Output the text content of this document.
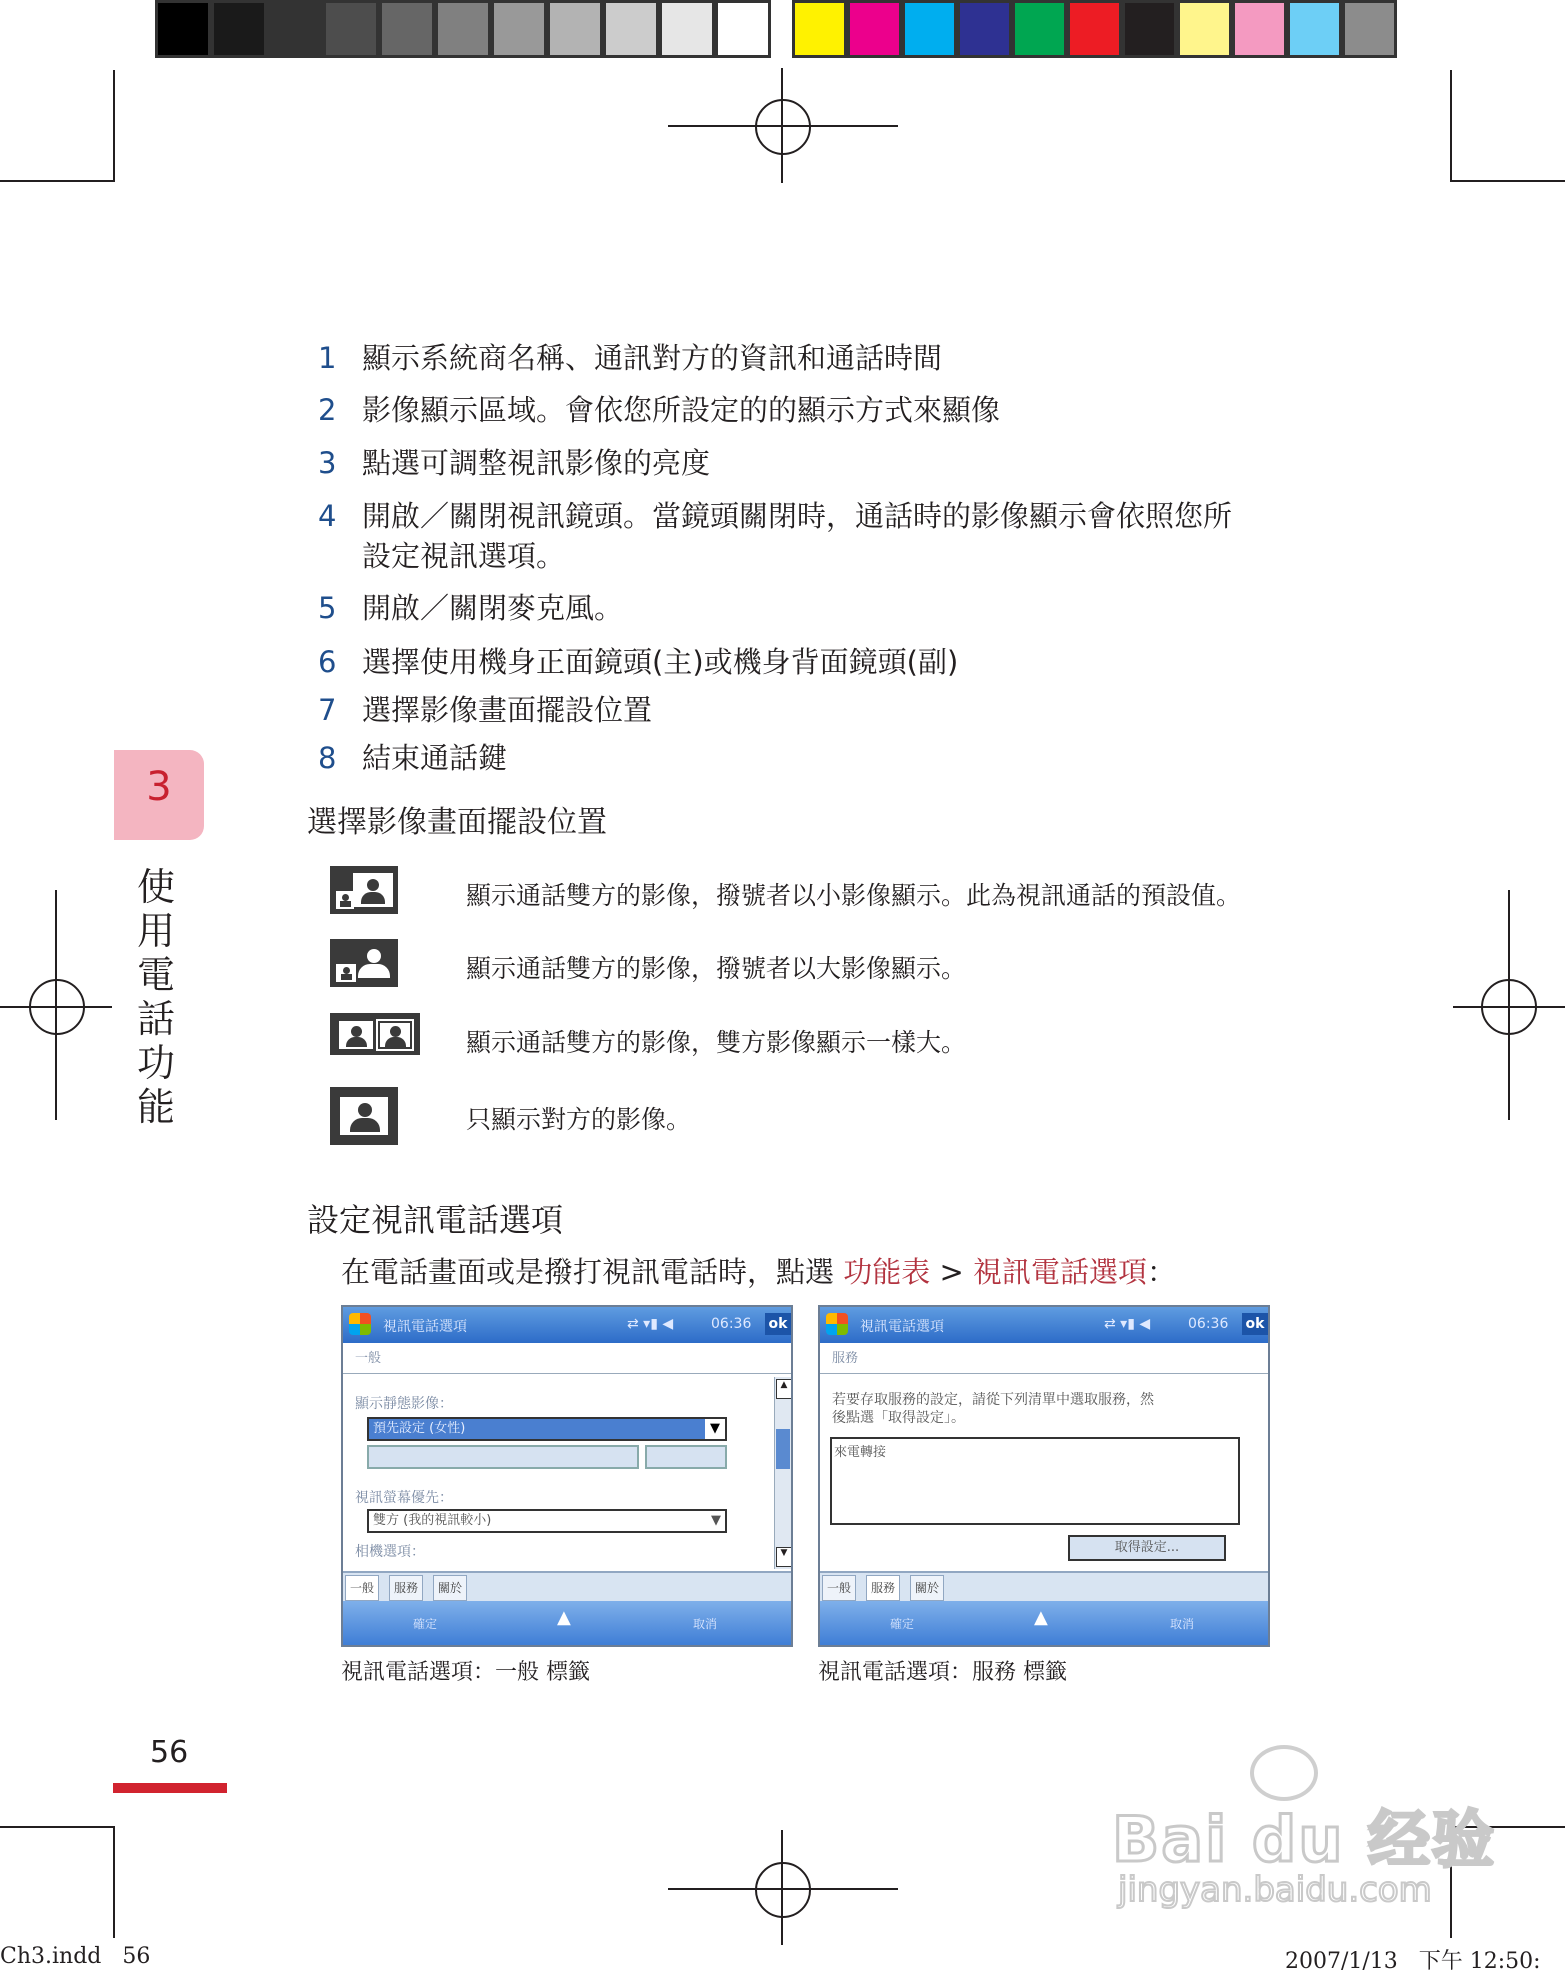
1 顯示系統商名稱、通訊對方的資訊和通話時間
2 影像顯示區域。會依您所設定的的顯示方式來顯像
3 點選可調整視訊影像的亮度
4 開啟／關閉視訊鏡頭。當鏡頭關閉時，通話時的影像顯示會依照您所
設定視訊選項。
5 開啟／關閉麥克風。
6 選擇使用機身正面鏡頭(主)或機身背面鏡頭(副)
7 選擇影像畫面擺設位置
8 結束通話鍵
3
使用電話功能
選擇影像畫面擺設位置
顯示通話雙方的影像，撥號者以小影像顯示。此為視訊通話的預設值。
顯示通話雙方的影像，撥號者以大影像顯示。
顯示通話雙方的影像，雙方影像顯示一樣大。
只顯示對方的影像。
設定視訊電話選項
在電話畫面或是撥打視訊電話時，點選 功能表 > 視訊電話選項：
視訊電話選項	⇄ ▾▮ ◀︎	06:36 ok
一般
顯示靜態影像：
預先設定 (女性)	▼
視訊螢幕優先：
雙方 (我的視訊較小)	▼
相機選項：
▲
▼
一般	服務	關於
確定	▲	取消
視訊電話選項：一般 標籤
視訊電話選項	⇄ ▾▮ ◀︎	06:36 ok
服務
若要存取服務的設定，請從下列清單中選取服務，然
後點選「取得設定」。
來電轉接
取得設定...
一般	服務	關於
確定	▲	取消
視訊電話選項：服務 標籤
56
Bai du 经验
jingyan.baidu.com
Ch3.indd   56	2007/1/13   下午 12:50:
